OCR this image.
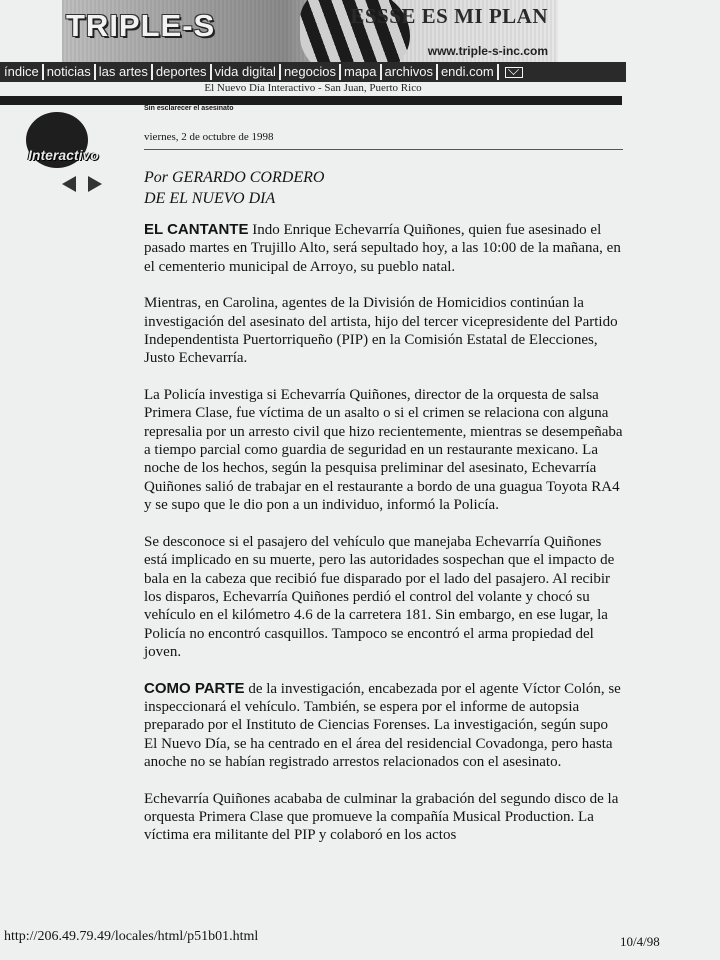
TRIPLE-S	ESSSE ES MI PLAN
www.triple-s-inc.com
índice noticias las artes deportes vida digital negocios mapa archivos endi.com
El Nuevo Día Interactivo - San Juan, Puerto Rico
Sin esclarecer el asesinato
Interactivo
viernes, 2 de octubre de 1998
Por GERARDO CORDERO
DE EL NUEVO DIA

EL CANTANTE Indo Enrique Echevarría Quiñones, quien fue asesinado el pasado martes en Trujillo Alto, será sepultado hoy, a las 10:00 de la mañana, en el cementerio municipal de Arroyo, su pueblo natal.

Mientras, en Carolina, agentes de la División de Homicidios continúan la investigación del asesinato del artista, hijo del tercer vicepresidente del Partido Independentista Puertorriqueño (PIP) en la Comisión Estatal de Elecciones, Justo Echevarría.

La Policía investiga si Echevarría Quiñones, director de la orquesta de salsa Primera Clase, fue víctima de un asalto o si el crimen se relaciona con alguna represalia por un arresto civil que hizo recientemente, mientras se desempeñaba a tiempo parcial como guardia de seguridad en un restaurante mexicano. La noche de los hechos, según la pesquisa preliminar del asesinato, Echevarría Quiñones salió de trabajar en el restaurante a bordo de una guagua Toyota RA4 y se supo que le dio pon a un individuo, informó la Policía.

Se desconoce si el pasajero del vehículo que manejaba Echevarría Quiñones está implicado en su muerte, pero las autoridades sospechan que el impacto de bala en la cabeza que recibió fue disparado por el lado del pasajero. Al recibir los disparos, Echevarría Quiñones perdió el control del volante y chocó su vehículo en el kilómetro 4.6 de la carretera 181. Sin embargo, en ese lugar, la Policía no encontró casquillos. Tampoco se encontró el arma propiedad del joven.

COMO PARTE de la investigación, encabezada por el agente Víctor Colón, se inspeccionará el vehículo. También, se espera por el informe de autopsia preparado por el Instituto de Ciencias Forenses. La investigación, según supo El Nuevo Día, se ha centrado en el área del residencial Covadonga, pero hasta anoche no se habían registrado arrestos relacionados con el asesinato.

Echevarría Quiñones acababa de culminar la grabación del segundo disco de la orquesta Primera Clase que promueve la compañía Musical Production. La víctima era militante del PIP y colaboró en los actos

http://206.49.79.49/locales/html/p51b01.html	10/4/98
